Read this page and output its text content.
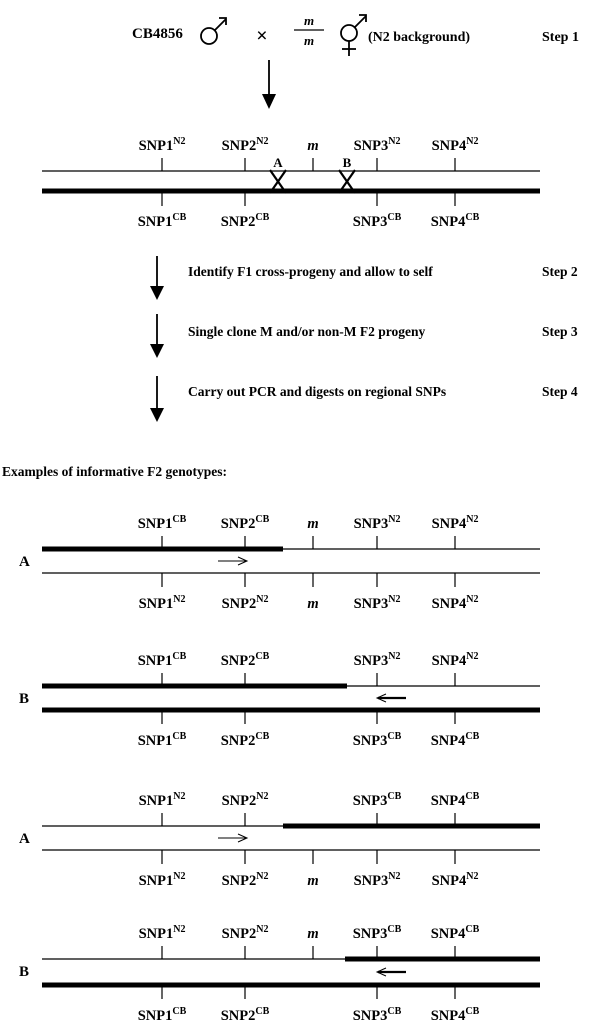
CB4856	×
m
m	(N2 background)	Step 1
$SNP1^{N2}$ $SNP2^{N2}$	m $SNP3^{N2}$ $SNP4^{N2}$
A	B
$SNP1^{CB}$ $SNP2^{CB}$	$SNP3^{CB}$ $SNP4^{CB}$
Identify F1 cross-progeny and allow to self	Step 2
Single clone M and/or non-M F2 progeny	Step 3
Carry out PCR and digests on regional SNPs	Step 4
Examples of informative F2 genotypes:
$SNP1^{CB}$ $SNP2^{CB}$	m $SNP3^{N2}$ $SNP4^{N2}$
A
$SNP1^{N2}$ $SNP2^{N2}$	m $SNP3^{N2}$ $SNP4^{N2}$
$SNP1^{CB}$ $SNP2^{CB}$	$SNP3^{N2}$ $SNP4^{N2}$
B
$SNP1^{CB}$ $SNP2^{CB}$	$SNP3^{CB}$ $SNP4^{CB}$
$SNP1^{N2}$ $SNP2^{N2}$	$SNP3^{CB}$ $SNP4^{CB}$
A
$SNP1^{N2}$ $SNP2^{N2}$	m $SNP3^{N2}$ $SNP4^{N2}$
$SNP1^{N2}$ $SNP2^{N2}$	m $SNP3^{CB}$ $SNP4^{CB}$
B
$SNP1^{CB}$ $SNP2^{CB}$	$SNP3^{CB}$ $SNP4^{CB}$
